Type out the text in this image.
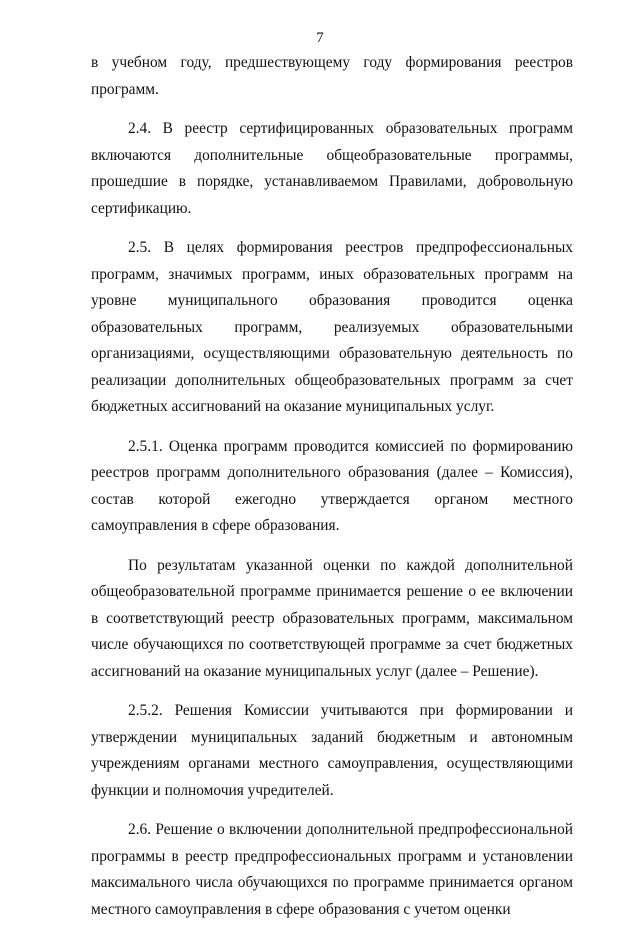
7

в учебном году, предшествующему году формирования реестров программ.

2.4. В реестр сертифицированных образовательных программ включаются дополнительные общеобразовательные программы, прошедшие в порядке, устанавливаемом Правилами, добровольную сертификацию.

2.5. В целях формирования реестров предпрофессиональных программ, значимых программ, иных образовательных программ на уровне муниципального образования проводится оценка образовательных программ, реализуемых образовательными организациями, осуществляющими образовательную деятельность по реализации дополнительных общеобразовательных программ за счет бюджетных ассигнований на оказание муниципальных услуг.

2.5.1. Оценка программ проводится комиссией по формированию реестров программ дополнительного образования (далее – Комиссия), состав которой ежегодно утверждается органом местного самоуправления в сфере образования.

По результатам указанной оценки по каждой дополнительной общеобразовательной программе принимается решение о ее включении в соответствующий реестр образовательных программ, максимальном числе обучающихся по соответствующей программе за счет бюджетных ассигнований на оказание муниципальных услуг (далее – Решение).

2.5.2. Решения Комиссии учитываются при формировании и утверждении муниципальных заданий бюджетным и автономным учреждениям органами местного самоуправления, осуществляющими функции и полномочия учредителей.

2.6. Решение о включении дополнительной предпрофессиональной программы в реестр предпрофессиональных программ и установлении максимального числа обучающихся по программе принимается органом местного самоуправления в сфере образования с учетом оценки
